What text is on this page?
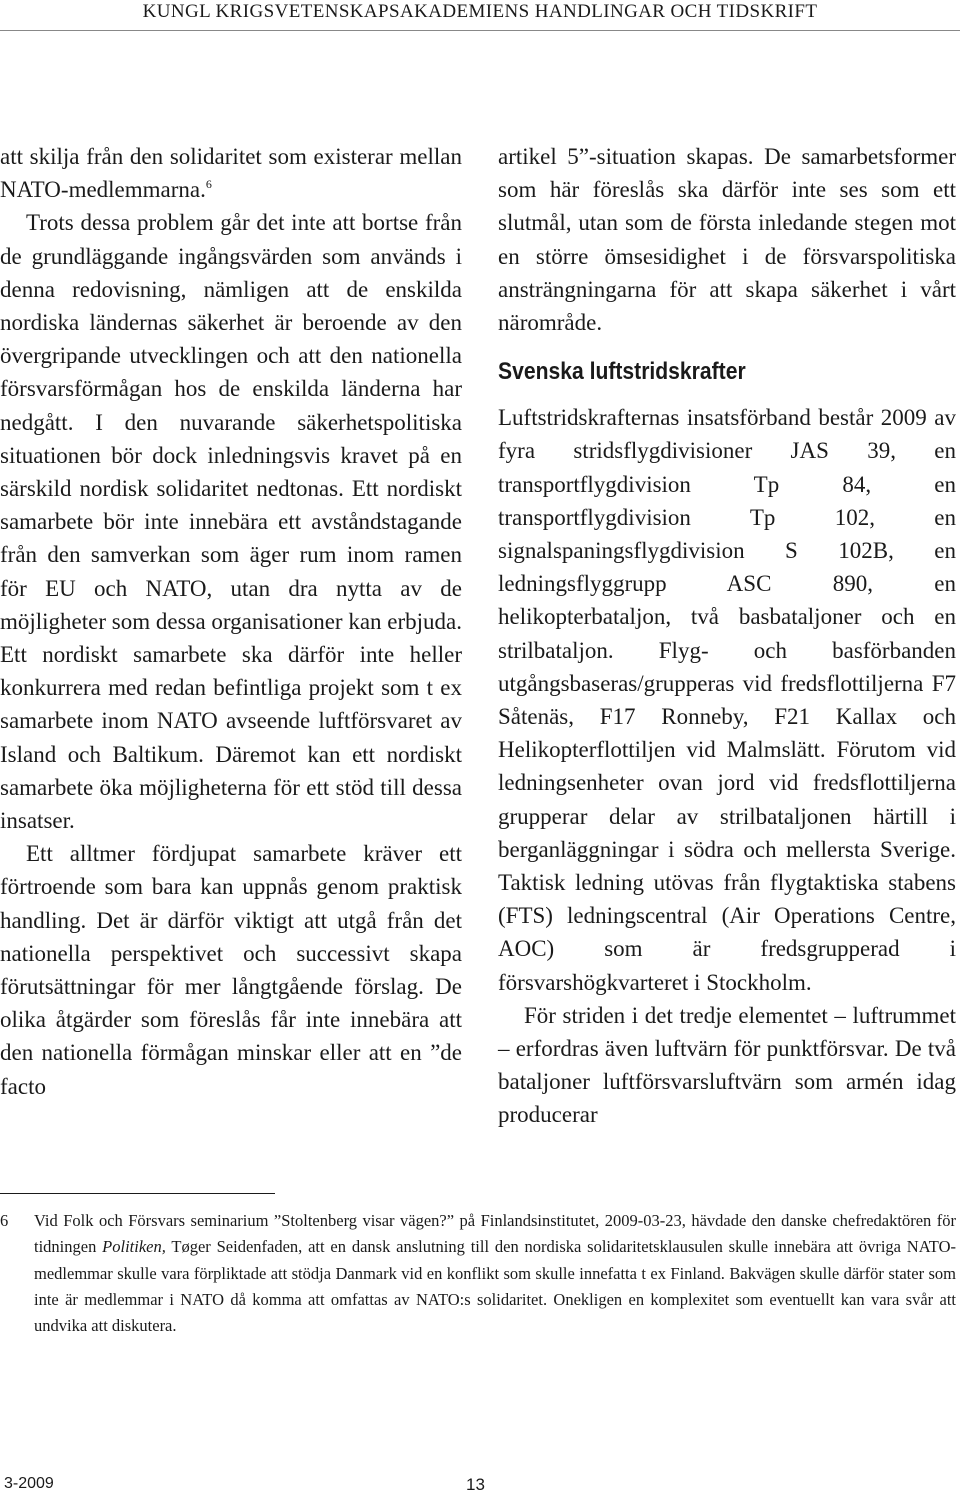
KUNGL KRIGSVETENSKAPSAKADEMIENS HANDLINGAR OCH TIDSKRIFT

att skilja från den solidaritet som existerar mellan NATO-medlemmarna.$^6$

Trots dessa problem går det inte att bortse från de grundläggande ingångsvärden som används i denna redovisning, nämligen att de enskilda nordiska ländernas säkerhet är beroende av den övergripande utvecklingen och att den nationella försvarsförmågan hos de enskilda länderna har nedgått. I den nuvarande säkerhetspolitiska situationen bör dock inledningsvis kravet på en särskild nordisk solidaritet nedtonas. Ett nordiskt samarbete bör inte innebära ett avståndstagande från den samverkan som äger rum inom ramen för EU och NATO, utan dra nytta av de möjligheter som dessa organisationer kan erbjuda. Ett nordiskt samarbete ska därför inte heller konkurrera med redan befintliga projekt som t ex samarbete inom NATO avseende luftförsvaret av Island och Baltikum. Däremot kan ett nordiskt samarbete öka möjligheterna för ett stöd till dessa insatser.

Ett alltmer fördjupat samarbete kräver ett förtroende som bara kan uppnås genom praktisk handling. Det är därför viktigt att utgå från det nationella perspektivet och successivt skapa förutsättningar för mer långtgående förslag. De olika åtgärder som föreslås får inte innebära att den nationella förmågan minskar eller att en ”de facto

artikel 5”-situation skapas. De samarbetsformer som här föreslås ska därför inte ses som ett slutmål, utan som de första inledande stegen mot en större ömsesidighet i de försvarspolitiska ansträngningarna för att skapa säkerhet i vårt närområde.

Svenska luftstridskrafter

Luftstridskrafternas insatsförband består 2009 av fyra stridsflygdivisioner JAS 39, en transportflygdivision Tp 84, en transportflygdivision Tp 102, en signalspaningsflygdivision S 102B, en ledningsflyggrupp ASC 890, en helikopterbataljon, två basbataljoner och en strilbataljon. Flyg- och basförbanden utgångsbaseras/grupperas vid fredsflottiljerna F7 Såtenäs, F17 Ronneby, F21 Kallax och Helikopterflottiljen vid Malmslätt. Förutom vid ledningsenheter ovan jord vid fredsflottiljerna grupperar delar av strilbataljonen härtill i berganläggningar i södra och mellersta Sverige. Taktisk ledning utövas från flygtaktiska stabens (FTS) ledningscentral (Air Operations Centre, AOC) som är fredsgrupperad i försvarshögkvarteret i Stockholm.

För striden i det tredje elementet – luftrummet – erfordras även luftvärn för punktförsvar. De två bataljoner luftförsvarsluftvärn som armén idag producerar

6	Vid Folk och Försvars seminarium ”Stoltenberg visar vägen?” på Finlandsinstitutet, 2009-03-23, hävdade den danske chefredaktören för tidningen Politiken, Tøger Seidenfaden, att en dansk anslutning till den nordiska solidaritetsklausulen skulle innebära att övriga NATO-medlemmar skulle vara förpliktade att stödja Danmark vid en konflikt som skulle innefatta t ex Finland. Bakvägen skulle därför stater som inte är medlemmar i NATO då komma att omfattas av NATO:s solidaritet. Onekligen en komplexitet som eventuellt kan vara svår att undvika att diskutera.
3-2009	13
